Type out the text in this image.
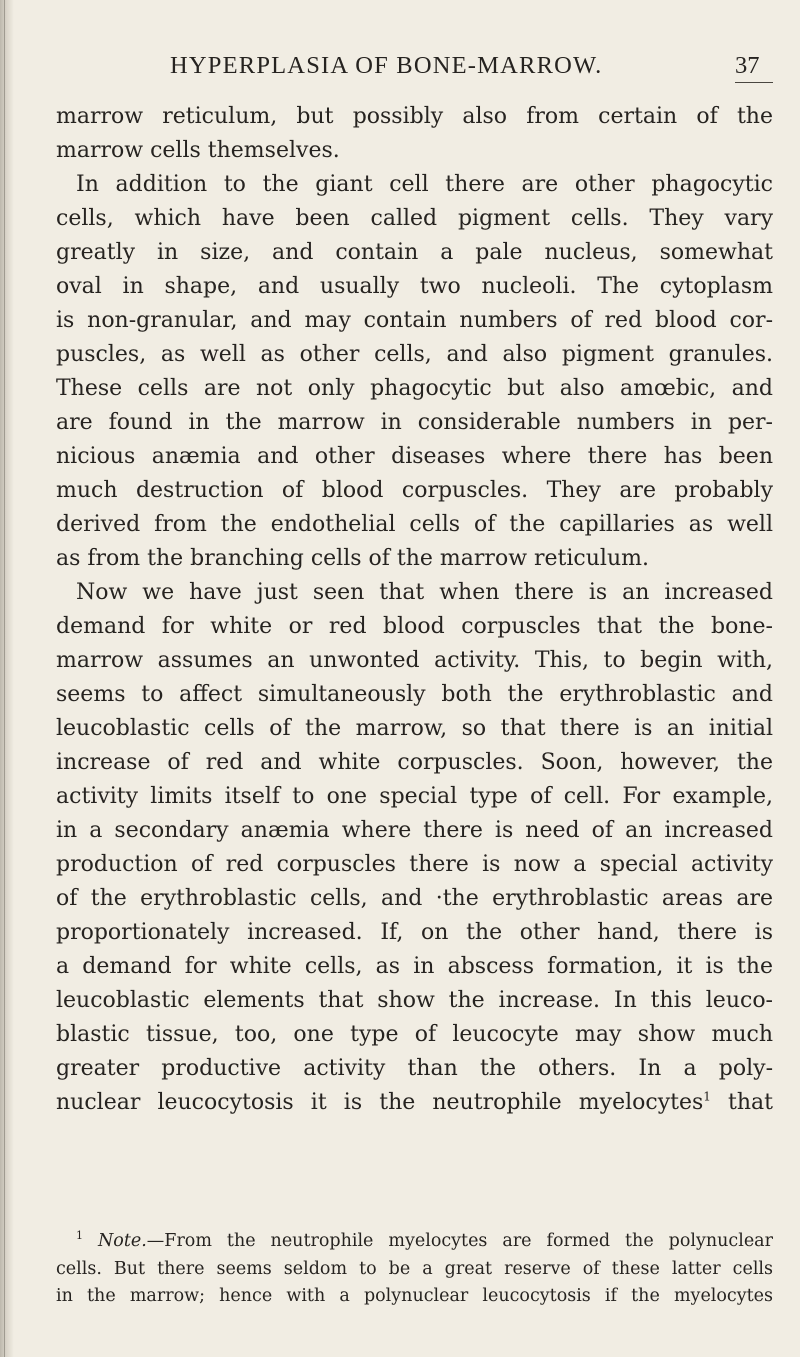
HYPERPLASIA OF BONE-MARROW.	37
marrow reticulum, but possibly also from certain of the
marrow cells themselves.
In addition to the giant cell there are other phagocytic
cells, which have been called pigment cells. They vary
greatly in size, and contain a pale nucleus, somewhat
oval in shape, and usually two nucleoli. The cytoplasm
is non-granular, and may contain numbers of red blood cor-
puscles, as well as other cells, and also pigment granules.
These cells are not only phagocytic but also amœbic, and
are found in the marrow in considerable numbers in per-
nicious anæmia and other diseases where there has been
much destruction of blood corpuscles. They are probably
derived from the endothelial cells of the capillaries as well
as from the branching cells of the marrow reticulum.
Now we have just seen that when there is an increased
demand for white or red blood corpuscles that the bone-
marrow assumes an unwonted activity. This, to begin with,
seems to affect simultaneously both the erythroblastic and
leucoblastic cells of the marrow, so that there is an initial
increase of red and white corpuscles. Soon, however, the
activity limits itself to one special type of cell. For example,
in a secondary anæmia where there is need of an increased
production of red corpuscles there is now a special activity
of the erythroblastic cells, and ·the erythroblastic areas are
proportionately increased. If, on the other hand, there is
a demand for white cells, as in abscess formation, it is the
leucoblastic elements that show the increase. In this leuco-
blastic tissue, too, one type of leucocyte may show much
greater productive activity than the others. In a poly-
nuclear leucocytosis it is the neutrophile myelocytes$^1$ that
$^1$ Note.—From the neutrophile myelocytes are formed the polynuclear
cells. But there seems seldom to be a great reserve of these latter cells
in the marrow; hence with a polynuclear leucocytosis if the myelocytes
